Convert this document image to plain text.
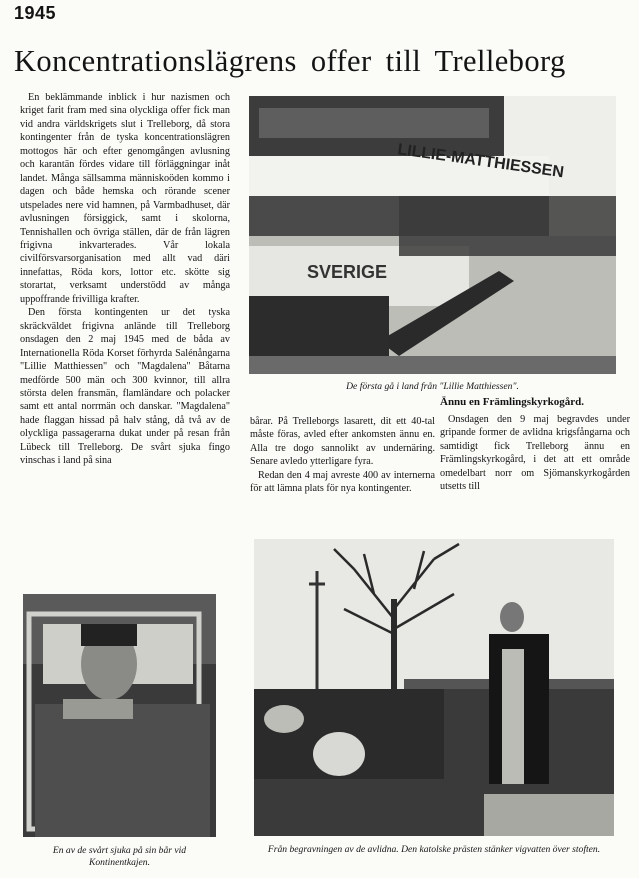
1945
Koncentrationslägrens offer till Trelleborg

En beklämmande inblick i hur nazismen och kriget farit fram med sina olyckliga offer fick man vid andra världskrigets slut i Trelleborg, då stora kontingenter från de tyska koncentrationslägren mottogos här och efter genomgången avlusning och karantän fördes vidare till förläggningar inåt landet. Många sällsamma människoöden kommo i dagen och både hemska och rörande scener utspelades nere vid hamnen, på Varmbadhuset, där avlusningen försiggick, samt i skolorna, Tennishallen och övriga ställen, där de från lägren frigivna inkvarterades. Vår lokala civilförsvarsorganisation med allt vad däri innefattas, Röda kors, lottor etc. skötte sig storartat, verksamt understödd av många uppoffrande frivilliga krafter.

Den första kontingenten ur det tyska skräckväldet frigivna anlände till Trelleborg onsdagen den 2 maj 1945 med de båda av Internationella Röda Korset förhyrda Salénångarna "Lillie Matthiessen" och "Magdalena" Båtarna medförde 500 män och 300 kvinnor, till allra största delen fransmän, flamländare och polacker samt ett antal norrmän och danskar. "Magdalena" hade flaggan hissad på halv stång, då två av de olyckliga passagerarna dukat under på resan från Lübeck till Trelleborg. De svårt sjuka fingo vinschas i land på sina

LILLIE-MATTHIESSEN
SVERIGE
De första gå i land från "Lillie Matthiessen".

bårar. På Trelleborgs lasarett, dit ett 40-tal måste föras, avled efter ankomsten ännu en. Alla tre dogo sannolikt av undernäring. Senare avledo ytterligare fyra.

Redan den 4 maj avreste 400 av internerna för att lämna plats för nya kontingenter.

Ännu en Främlingskyrkogård.

Onsdagen den 9 maj begravdes under gripande former de avlidna krigsfångarna och samtidigt fick Trelleborg ännu en Främlingskyrkogård, i det att ett område omedelbart norr om Sjömanskyrkogården utsetts till

En av de svårt sjuka på sin bår vid Kontinentkajen.
Från begravningen av de avlidna. Den katolske prästen stänker vigvatten över stoften.
